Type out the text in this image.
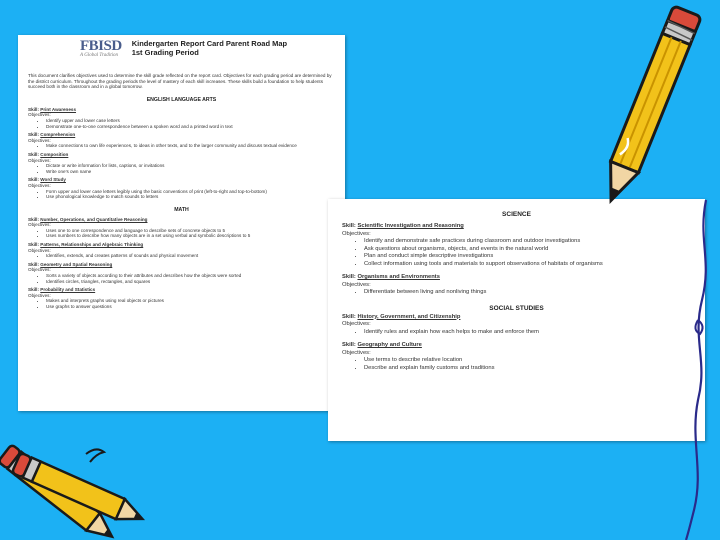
FBISD
A Global Tradition
Kindergarten Report Card Parent Road Map
1st Grading Period
This document clarifies objectives used to determine the skill grade reflected on the report card. Objectives for each grading period are determined by the district curriculum. Throughout the grading periods the level of mastery of each skill increases. These skills build a foundation to help students succeed both in the classroom and in a global tomorrow.
ENGLISH LANGUAGE ARTS
Skill: Print Awareness
Objectives:
• Identify upper and lower case letters
• Demonstrate one-to-one correspondence between a spoken word and a printed word in text
Skill: Comprehension
Objectives:
• Make connections to own life experiences, to ideas in other texts, and to the larger community and discuss textual evidence
Skill: Composition
Objectives:
• Dictate or write information for lists, captions, or invitations
• Write one's own name
Skill: Word Study
Objectives:
• Form upper and lower case letters legibly using the basic conventions of print (left-to-right and top-to-bottom)
• Use phonological knowledge to match sounds to letters
MATH
Skill: Number, Operations, and Quantitative Reasoning
Objectives:
• Uses one to one correspondence and language to describe sets of concrete objects to 5
• Uses numbers to describe how many objects are in a set using verbal and symbolic descriptions to 5
Skill: Patterns, Relationships and Algebraic Thinking
Objectives:
• Identifies, extends, and creates patterns of sounds and physical movement
Skill: Geometry and Spatial Reasoning
Objectives:
• Sorts a variety of objects according to their attributes and describes how the objects were sorted
• Identifies circles, triangles, rectangles, and squares
Skill: Probability and Statistics
Objectives:
• Makes and interprets graphs using real objects or pictures
• Use graphs to answer questions
SCIENCE
Skill: Scientific Investigation and Reasoning
Objectives:
• Identify and demonstrate safe practices during classroom and outdoor investigations
• Ask questions about organisms, objects, and events in the natural world
• Plan and conduct simple descriptive investigations
• Collect information using tools and materials to support observations of habitats of organisms
Skill: Organisms and Environments
Objectives:
• Differentiate between living and nonliving things
SOCIAL STUDIES
Skill: History, Government, and Citizenship
Objectives:
• Identify rules and explain how each helps to make and enforce them
Skill: Geography and Culture
Objectives:
• Use terms to describe relative location
• Describe and explain family customs and traditions
